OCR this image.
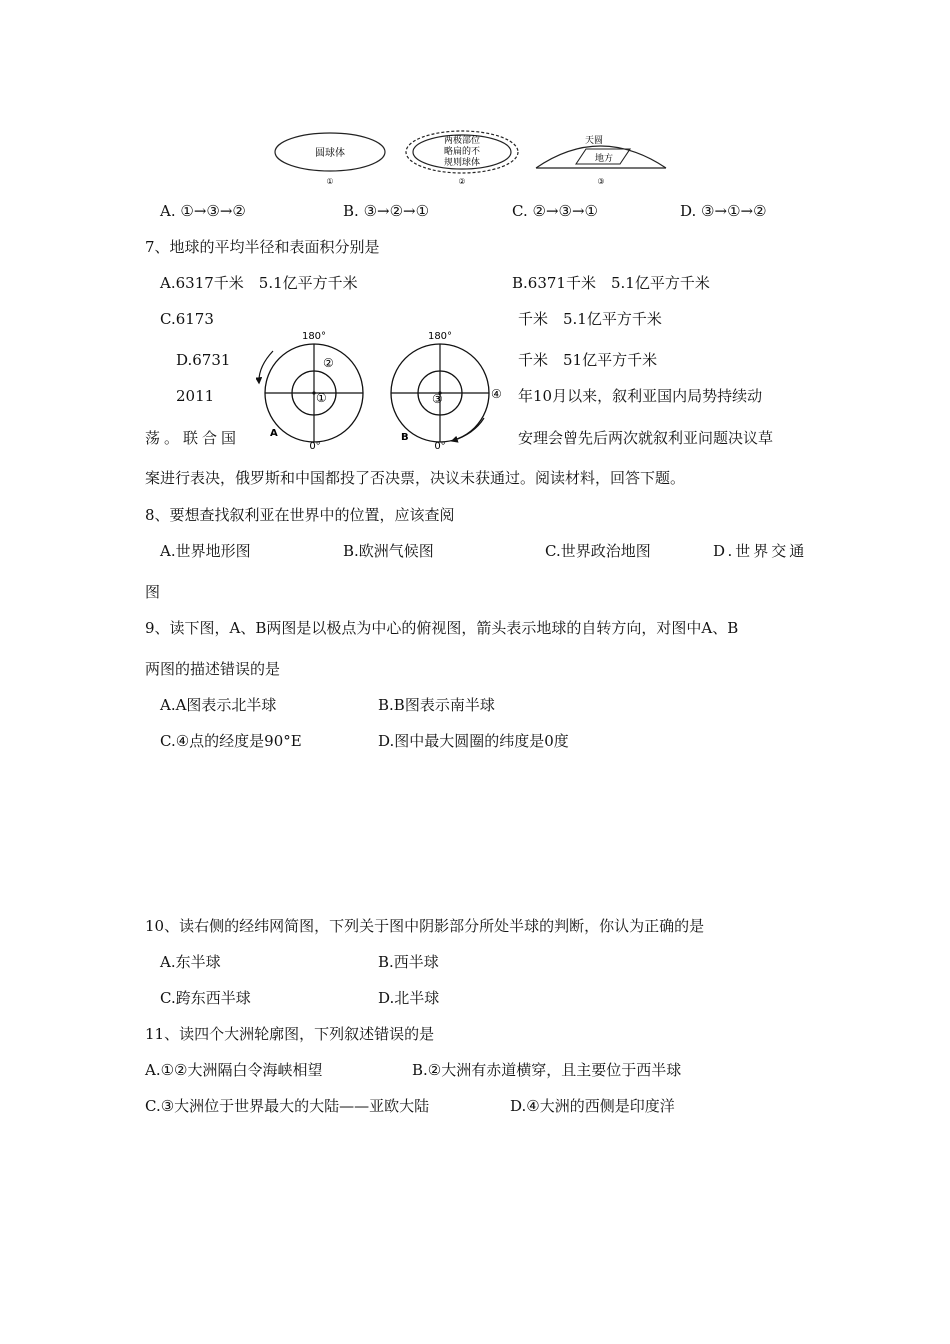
圆球体
①
两极部位
略扁的不
规则球体
②
天圆
地方
③
A. ①→③→②	B. ③→②→①	C. ②→③→①	D. ③→①→②
7、地球的平均半径和表面积分别是
A.6317千米　5.1亿平方千米	B.6371千米　5.1亿平方千米
C.6173	千米　5.1亿平方千米
D.6731	千米　51亿平方千米
2011	年10月以来，叙利亚国内局势持续动
荡。联合国	安理会曾先后两次就叙利亚问题决议草
案进行表决，俄罗斯和中国都投了否决票，决议未获通过。阅读材料，回答下题。
180°
0°
A
②
①
180°
0°
B
③	④
8、要想查找叙利亚在世界中的位置，应该查阅
A.世界地形图	B.欧洲气候图	C.世界政治地图	D.世界交通
图
9、读下图，A、B两图是以极点为中心的俯视图，箭头表示地球的自转方向，对图中A、B
两图的描述错误的是
A.A图表示北半球	B.B图表示南半球
C.④点的经度是90°E	D.图中最大圆圈的纬度是0度
10、读右侧的经纬网简图，下列关于图中阴影部分所处半球的判断，你认为正确的是
A.东半球	B.西半球
C.跨东西半球	D.北半球
11、读四个大洲轮廓图，下列叙述错误的是
A.①②大洲隔白令海峡相望	B.②大洲有赤道横穿，且主要位于西半球
C.③大洲位于世界最大的大陆——亚欧大陆	D.④大洲的西侧是印度洋
